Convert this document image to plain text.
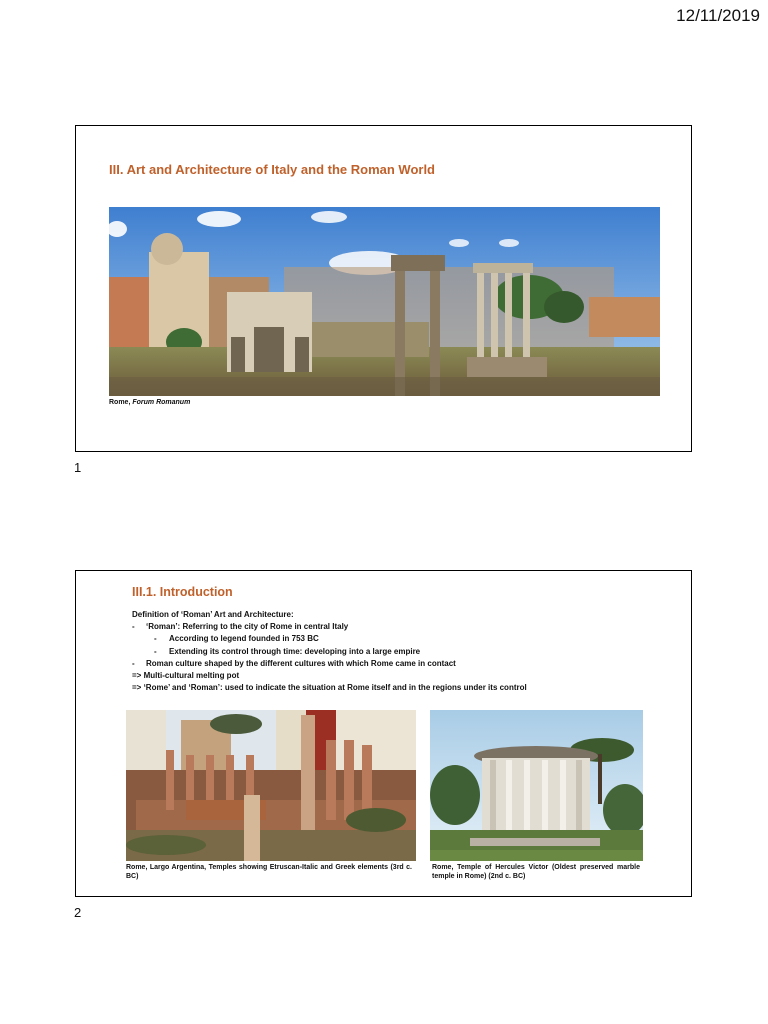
12/11/2019
III. Art and Architecture of Italy and the Roman World
Rome, Forum Romanum
1
III.1. Introduction
Definition of ‘Roman’ Art and Architecture:
- ‘Roman’: Referring to the city of Rome in central Italy
- According to legend founded in 753 BC
- Extending its control through time: developing into a large empire
- Roman culture shaped by the different cultures with which Rome came in contact
=> Multi-cultural melting pot
=> ‘Rome’ and ‘Roman’: used to indicate the situation at Rome itself and in the regions under its control
Rome, Largo Argentina, Temples showing Etruscan-Italic and Greek elements (3rd c. BC)
Rome, Temple of Hercules Victor (Oldest preserved marble temple in Rome) (2nd c. BC)
2
